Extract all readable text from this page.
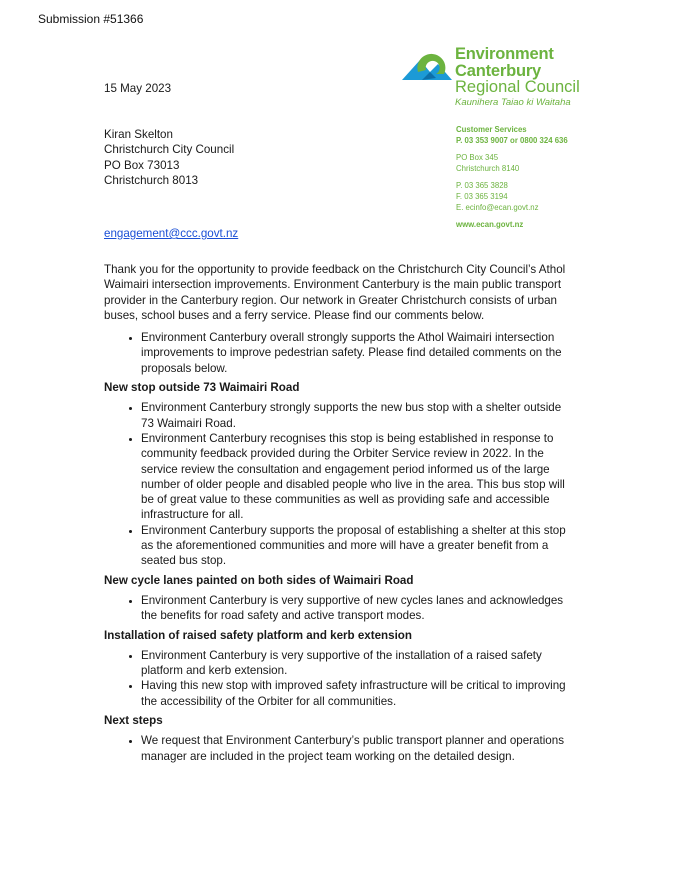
Submission #51366
Environment
Canterbury
Regional Council
Kaunihera Taiao ki Waitaha
Customer Services
P. 03 353 9007 or 0800 324 636
PO Box 345
Christchurch 8140
P. 03 365 3828
F. 03 365 3194
E. ecinfo@ecan.govt.nz
www.ecan.govt.nz
15 May 2023
Kiran Skelton
Christchurch City Council
PO Box 73013
Christchurch 8013
engagement@ccc.govt.nz

Thank you for the opportunity to provide feedback on the Christchurch City Council’s Athol Waimairi intersection improvements. Environment Canterbury is the main public transport provider in the Canterbury region. Our network in Greater Christchurch consists of urban buses, school buses and a ferry service. Please find our comments below.

• Environment Canterbury overall strongly supports the Athol Waimairi intersection improvements to improve pedestrian safety. Please find detailed comments on the proposals below.
New stop outside 73 Waimairi Road
• Environment Canterbury strongly supports the new bus stop with a shelter outside 73 Waimairi Road.
• Environment Canterbury recognises this stop is being established in response to community feedback provided during the Orbiter Service review in 2022. In the service review the consultation and engagement period informed us of the large number of older people and disabled people who live in the area. This bus stop will be of great value to these communities as well as providing safe and accessible infrastructure for all.
• Environment Canterbury supports the proposal of establishing a shelter at this stop as the aforementioned communities and more will have a greater benefit from a seated bus stop.
New cycle lanes painted on both sides of Waimairi Road
• Environment Canterbury is very supportive of new cycles lanes and acknowledges the benefits for road safety and active transport modes.
Installation of raised safety platform and kerb extension
• Environment Canterbury is very supportive of the installation of a raised safety platform and kerb extension.
• Having this new stop with improved safety infrastructure will be critical to improving the accessibility of the Orbiter for all communities.
Next steps
• We request that Environment Canterbury’s public transport planner and operations manager are included in the project team working on the detailed design.
